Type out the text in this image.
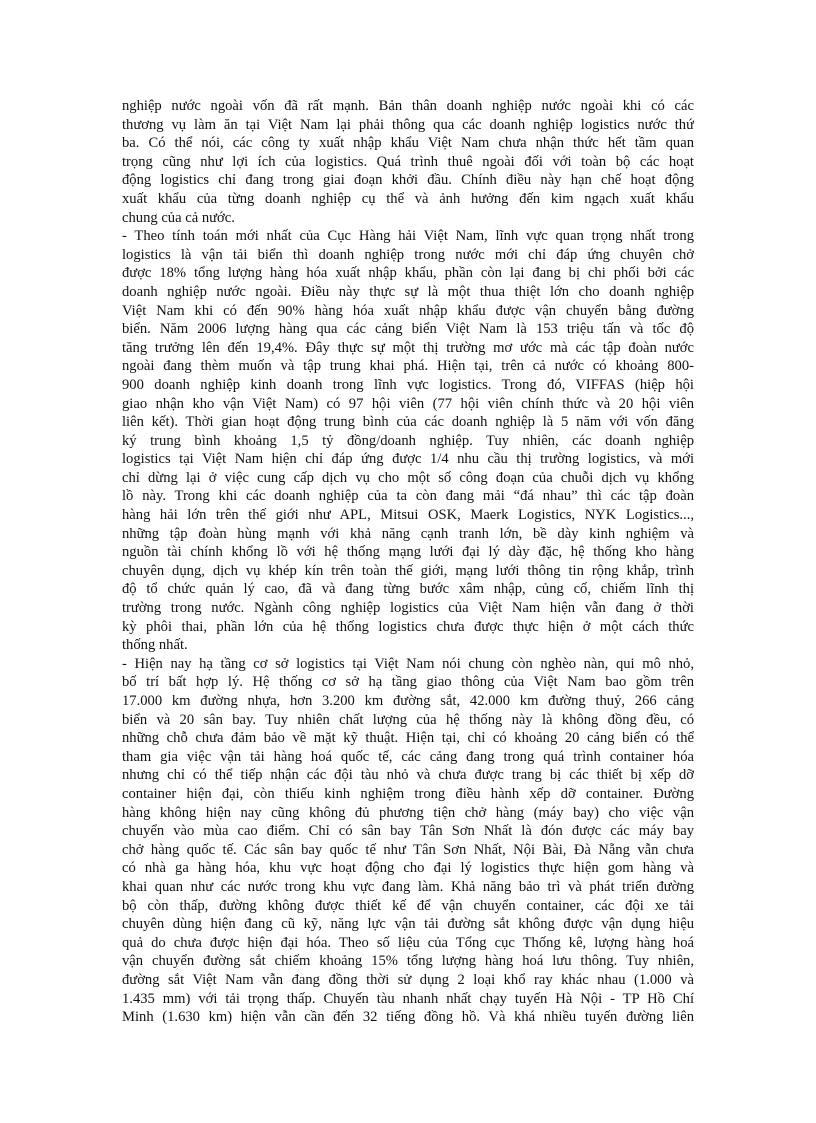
nghiệp nước ngoài vốn đã rất mạnh. Bản thân doanh nghiệp nước ngoài khi có các
thương vụ làm ăn tại Việt Nam lại phải thông qua các doanh nghiệp logistics nước thứ
ba. Có thể nói, các công ty xuất nhập khẩu Việt Nam chưa nhận thức hết tầm quan
trọng cũng như lợi ích của logistics. Quá trình thuê ngoài đối với toàn bộ các hoạt
động logistics chỉ đang trong giai đoạn khởi đầu. Chính điều này hạn chế hoạt động
xuất khẩu của từng doanh nghiệp cụ thể và ảnh hưởng đến kim ngạch xuất khẩu
chung của cả nước.
- Theo tính toán mới nhất của Cục Hàng hải Việt Nam, lĩnh vực quan trọng nhất trong
logistics là vận tải biển thì doanh nghiệp trong nước mới chỉ đáp ứng chuyên chở
được 18% tổng lượng hàng hóa xuất nhập khẩu, phần còn lại đang bị chi phối bởi các
doanh nghiệp nước ngoài. Điều này thực sự là một thua thiệt lớn cho doanh nghiệp
Việt Nam khi có đến 90% hàng hóa xuất nhập khẩu được vận chuyển bằng đường
biển. Năm 2006 lượng hàng qua các cảng biển Việt Nam là 153 triệu tấn và tốc độ
tăng trưởng lên đến 19,4%. Đây thực sự một thị trường mơ ước mà các tập đoàn nước
ngoài đang thèm muốn và tập trung khai phá. Hiện tại, trên cả nước có khoảng 800-
900 doanh nghiệp kinh doanh trong lĩnh vực logistics. Trong đó, VIFFAS (hiệp hội
giao nhận kho vận Việt Nam) có 97 hội viên (77 hội viên chính thức và 20 hội viên
liên kết). Thời gian hoạt động trung bình của các doanh nghiệp là 5 năm với vốn đăng
ký trung bình khoảng 1,5 tỷ đồng/doanh nghiệp. Tuy nhiên, các doanh nghiệp
logistics tại Việt Nam hiện chỉ đáp ứng được 1/4 nhu cầu thị trường logistics, và mới
chỉ dừng lại ở việc cung cấp dịch vụ cho một số công đoạn của chuỗi dịch vụ khổng
lồ này. Trong khi các doanh nghiệp của ta còn đang mải “đá nhau” thì các tập đoàn
hàng hải lớn trên thế giới như APL, Mitsui OSK, Maerk Logistics, NYK Logistics...,
những tập đoàn hùng mạnh với khả năng cạnh tranh lớn, bề dày kinh nghiệm và
nguồn tài chính khổng lồ với hệ thống mạng lưới đại lý dày đặc, hệ thống kho hàng
chuyên dụng, dịch vụ khép kín trên toàn thế giới, mạng lưới thông tin rộng khắp, trình
độ tổ chức quản lý cao, đã và đang từng bước xâm nhập, củng cố, chiếm lĩnh thị
trường trong nước. Ngành công nghiệp logistics của Việt Nam hiện vẫn đang ở thời
kỳ phôi thai, phần lớn của hệ thống logistics chưa được thực hiện ở một cách thức
thống nhất.
- Hiện nay hạ tầng cơ sở logistics tại Việt Nam nói chung còn nghèo nàn, qui mô nhỏ,
bố trí bất hợp lý. Hệ thống cơ sở hạ tầng giao thông của Việt Nam bao gồm trên
17.000 km đường nhựa, hơn 3.200 km đường sắt, 42.000 km đường thuỷ, 266 cảng
biển và 20 sân bay. Tuy nhiên chất lượng của hệ thống này là không đồng đều, có
những chỗ chưa đảm bảo về mặt kỹ thuật. Hiện tại, chỉ có khoảng 20 cảng biển có thể
tham gia việc vận tải hàng hoá quốc tế, các cảng đang trong quá trình container hóa
nhưng chỉ có thể tiếp nhận các đội tàu nhỏ và chưa được trang bị các thiết bị xếp dỡ
container hiện đại, còn thiếu kinh nghiệm trong điều hành xếp dỡ container. Đường
hàng không hiện nay cũng không đủ phương tiện chở hàng (máy bay) cho việc vận
chuyển vào mùa cao điểm. Chỉ có sân bay Tân Sơn Nhất là đón được các máy bay
chở hàng quốc tế. Các sân bay quốc tế như Tân Sơn Nhất, Nội Bài, Đà Nẵng vẫn chưa
có nhà ga hàng hóa, khu vực hoạt động cho đại lý logistics thực hiện gom hàng và
khai quan như các nước trong khu vực đang làm. Khả năng bảo trì và phát triển đường
bộ còn thấp, đường không được thiết kế để vận chuyển container, các đội xe tải
chuyên dùng hiện đang cũ kỹ, năng lực vận tải đường sắt không được vận dụng hiệu
quả do chưa được hiện đại hóa. Theo số liệu của Tổng cục Thống kê, lượng hàng hoá
vận chuyển đường sắt chiếm khoảng 15% tổng lượng hàng hoá lưu thông. Tuy nhiên,
đường sắt Việt Nam vẫn đang đồng thời sử dụng 2 loại khổ ray khác nhau (1.000 và
1.435 mm) với tải trọng thấp. Chuyến tàu nhanh nhất chạy tuyến Hà Nội - TP Hồ Chí
Minh (1.630 km) hiện vẫn cần đến 32 tiếng đồng hồ. Và khá nhiều tuyến đường liên
